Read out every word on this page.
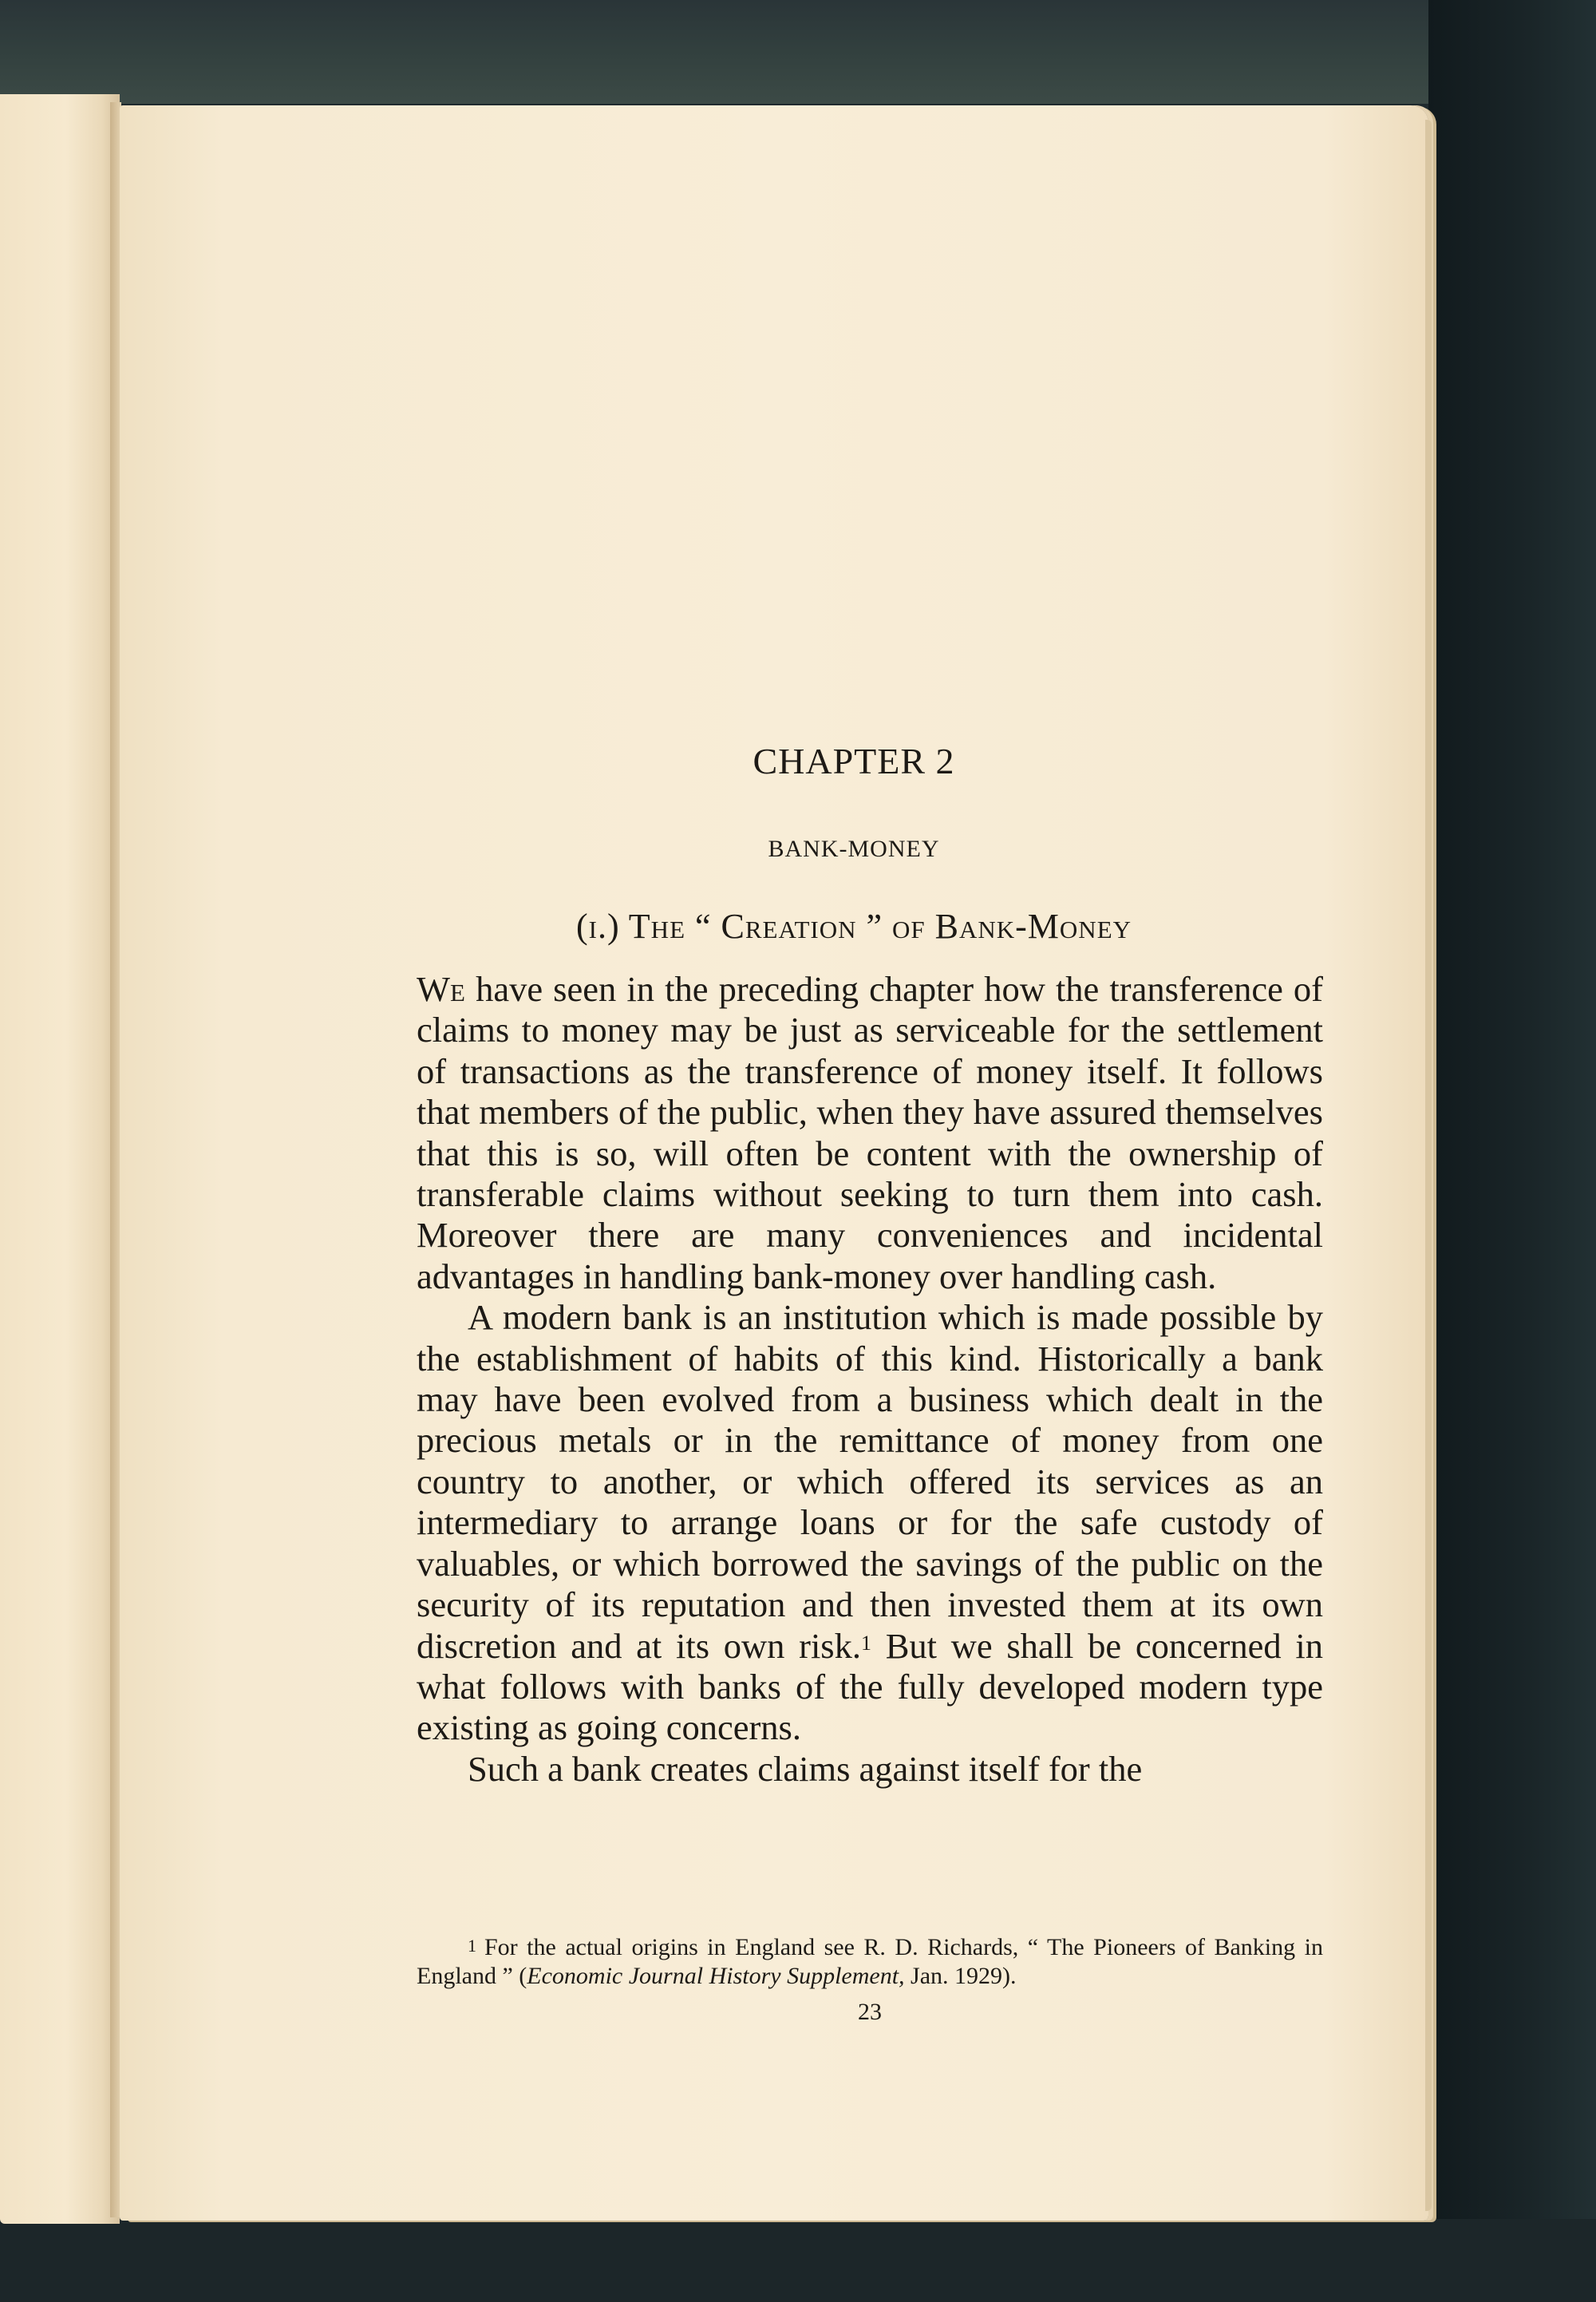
CHAPTER 2
BANK-MONEY
(i.) The “ Creation ” of Bank-Money

We have seen in the preceding chapter how the transference of claims to money may be just as serviceable for the settlement of transactions as the transference of money itself. It follows that members of the public, when they have assured themselves that this is so, will often be content with the ownership of transferable claims without seeking to turn them into cash. Moreover there are many conveniences and incidental advantages in handling bank-money over handling cash.

A modern bank is an institution which is made possible by the establishment of habits of this kind. Historically a bank may have been evolved from a business which dealt in the precious metals or in the remittance of money from one country to another, or which offered its services as an intermediary to arrange loans or for the safe custody of valuables, or which borrowed the savings of the public on the security of its reputation and then invested them at its own discretion and at its own risk.$^1$ But we shall be concerned in what follows with banks of the fully developed modern type existing as going concerns.

Such a bank creates claims against itself for the

$^1$ For the actual origins in England see R. D. Richards, “ The Pioneers of Banking in England ” (Economic Journal History Supplement, Jan. 1929).

23
